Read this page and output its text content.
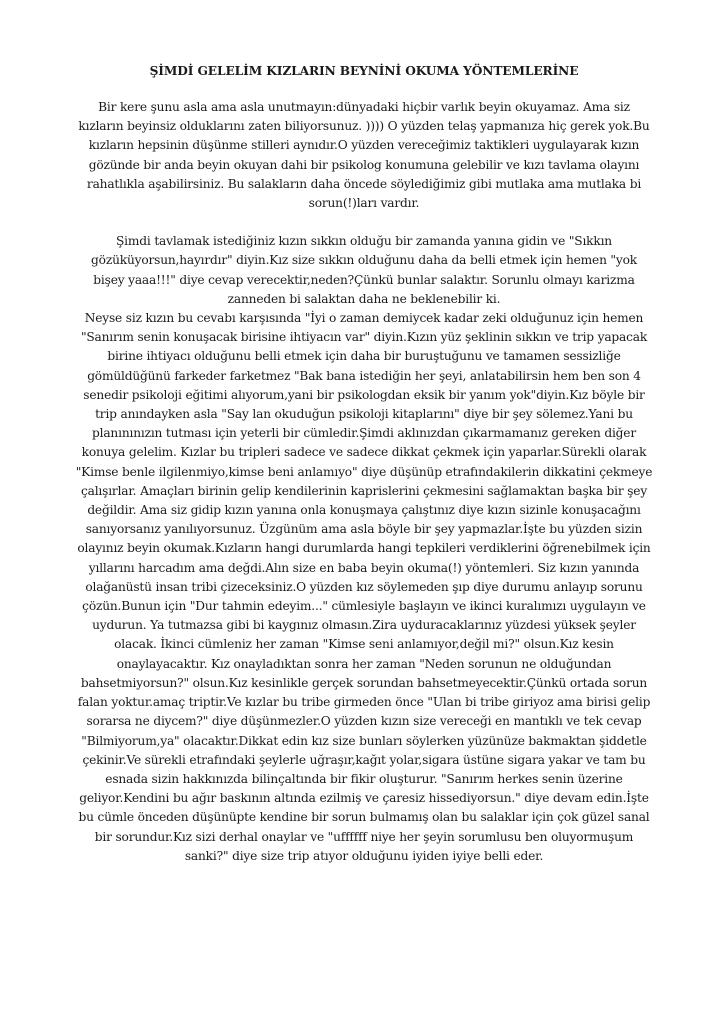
ŞİMDİ GELELİM KIZLARIN BEYNİNİ OKUMA YÖNTEMLERİNE

Bir kere şunu asla ama asla unutmayın:dünyadaki hiçbir varlık beyin okuyamaz. Ama siz kızların beyinsiz olduklarını zaten biliyorsunuz. )))) O yüzden telaş yapmanıza hiç gerek yok.Bu kızların hepsinin düşünme stilleri aynıdır.O yüzden vereceğimiz taktikleri uygulayarak kızın gözünde bir anda beyin okuyan dahi bir psikolog konumuna gelebilir ve kızı tavlama olayını rahatlıkla aşabilirsiniz. Bu salakların daha öncede söylediğimiz gibi mutlaka ama mutlaka bi sorun(!)ları vardır.

Şimdi tavlamak istediğiniz kızın sıkkın olduğu bir zamanda yanına gidin ve "Sıkkın gözüküyorsun,hayırdır" diyin.Kız size sıkkın olduğunu daha da belli etmek için hemen "yok bişey yaaa!!!" diye cevap verecektir,neden?Çünkü bunlar salaktır. Sorunlu olmayı karizma zanneden bi salaktan daha ne beklenebilir ki.

Neyse siz kızın bu cevabı karşısında "İyi o zaman demiycek kadar zeki olduğunuz için hemen "Sanırım senin konuşacak birisine ihtiyacın var" diyin.Kızın yüz şeklinin sıkkın ve trip yapacak birine ihtiyacı olduğunu belli etmek için daha bir buruştuğunu ve tamamen sessizliğe gömüldüğünü farkeder farketmez "Bak bana istediğin her şeyi, anlatabilirsin hem ben son 4 senedir psikoloji eğitimi alıyorum,yani bir psikologdan eksik bir yanım yok"diyin.Kız böyle bir trip anındayken asla "Say lan okuduğun psikoloji kitaplarını" diye bir şey sölemez.Yani bu planınınızın tutması için yeterli bir cümledir.Şimdi aklınızdan çıkarmamanız gereken diğer konuya gelelim. Kızlar bu tripleri sadece ve sadece dikkat çekmek için yaparlar.Sürekli olarak "Kimse benle ilgilenmiyo,kimse beni anlamıyo" diye düşünüp etrafındakilerin dikkatini çekmeye çalışırlar. Amaçları birinin gelip kendilerinin kaprislerini çekmesini sağlamaktan başka bir şey değildir. Ama siz gidip kızın yanına onla konuşmaya çalıştınız diye kızın sizinle konuşacağını sanıyorsanız yanılıyorsunuz. Üzgünüm ama asla böyle bir şey yapmazlar.İşte bu yüzden sizin olayınız beyin okumak.Kızların hangi durumlarda hangi tepkileri verdiklerini öğrenebilmek için yıllarını harcadım ama değdi.Alın size en baba beyin okuma(!) yöntemleri. Siz kızın yanında olağanüstü insan tribi çizeceksiniz.O yüzden kız söylemeden şıp diye durumu anlayıp sorunu çözün.Bunun için "Dur tahmin edeyim..." cümlesiyle başlayın ve ikinci kuralımızı uygulayın ve uydurun. Ya tutmazsa gibi bi kaygınız olmasın.Zira uyduracaklarınız yüzdesi yüksek şeyler olacak. İkinci cümleniz her zaman "Kimse seni anlamıyor,değil mi?" olsun.Kız kesin onaylayacaktır. Kız onayladıktan sonra her zaman "Neden sorunun ne olduğundan bahsetmiyorsun?" olsun.Kız kesinlikle gerçek sorundan bahsetmeyecektir.Çünkü ortada sorun falan yoktur.amaç triptir.Ve kızlar bu tribe girmeden önce "Ulan bi tribe giriyoz ama birisi gelip sorarsa ne diycem?" diye düşünmezler.O yüzden kızın size vereceği en mantıklı ve tek cevap "Bilmiyorum,ya" olacaktır.Dikkat edin kız size bunları söylerken yüzünüze bakmaktan şiddetle çekinir.Ve sürekli etrafındaki şeylerle uğraşır,kağıt yolar,sigara üstüne sigara yakar ve tam bu esnada sizin hakkınızda bilinçaltında bir fikir oluşturur. "Sanırım herkes senin üzerine geliyor.Kendini bu ağır baskının altında ezilmiş ve çaresiz hissediyorsun." diye devam edin.İşte bu cümle önceden düşünüpte kendine bir sorun bulmamış olan bu salaklar için çok güzel sanal bir sorundur.Kız sizi derhal onaylar ve "uffffff niye her şeyin sorumlusu ben oluyormuşum sanki?" diye size trip atıyor olduğunu iyiden iyiye belli eder.
